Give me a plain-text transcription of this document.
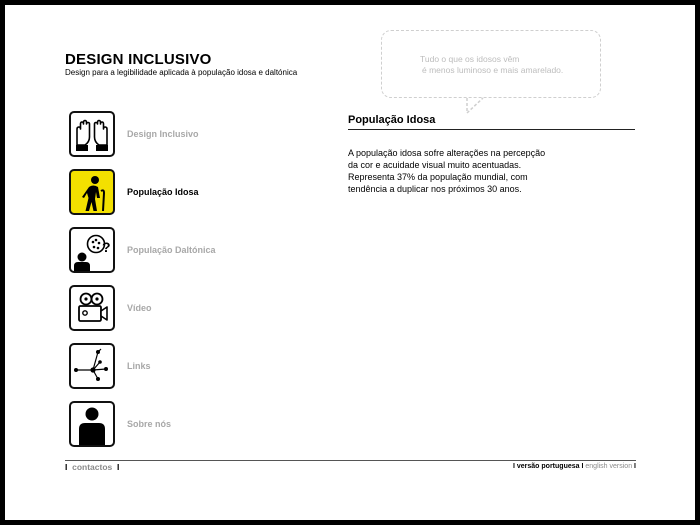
DESIGN INCLUSIVO
Design para a legibilidade aplicada à população idosa e daltónica
Tudo o que os idosos vêm
é menos luminoso e mais amarelado.
Design Inclusivo
População Idosa
? População Daltónica
Vídeo
Links
Sobre nós
População Idosa
A população idosa sofre alterações na percepção
da cor e acuidade visual muito acentuadas.
Representa 37% da população mundial, com
tendência a duplicar nos próximos 30 anos.
I contactos I	I versão portuguesa I english version I
